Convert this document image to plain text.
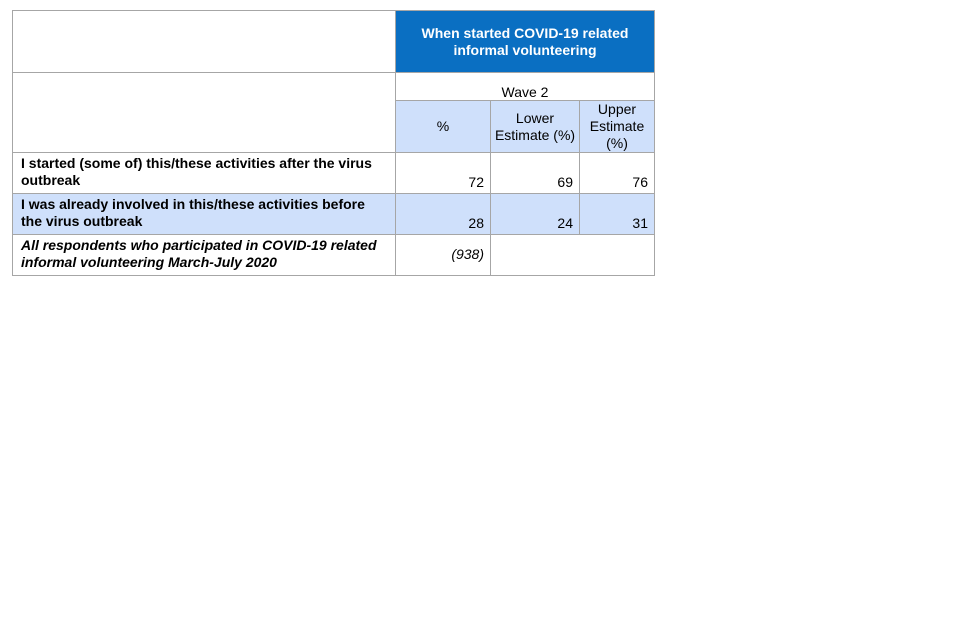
	When started COVID-19 related informal volunteering		
	Wave 2		
	%	Lower Estimate (%)	Upper Estimate (%)
I started (some of) this/these activities after the virus outbreak	72	69	76
I was already involved in this/these activities before the virus outbreak	28	24	31
All respondents who participated in COVID-19 related informal volunteering March-July 2020	(938)		
